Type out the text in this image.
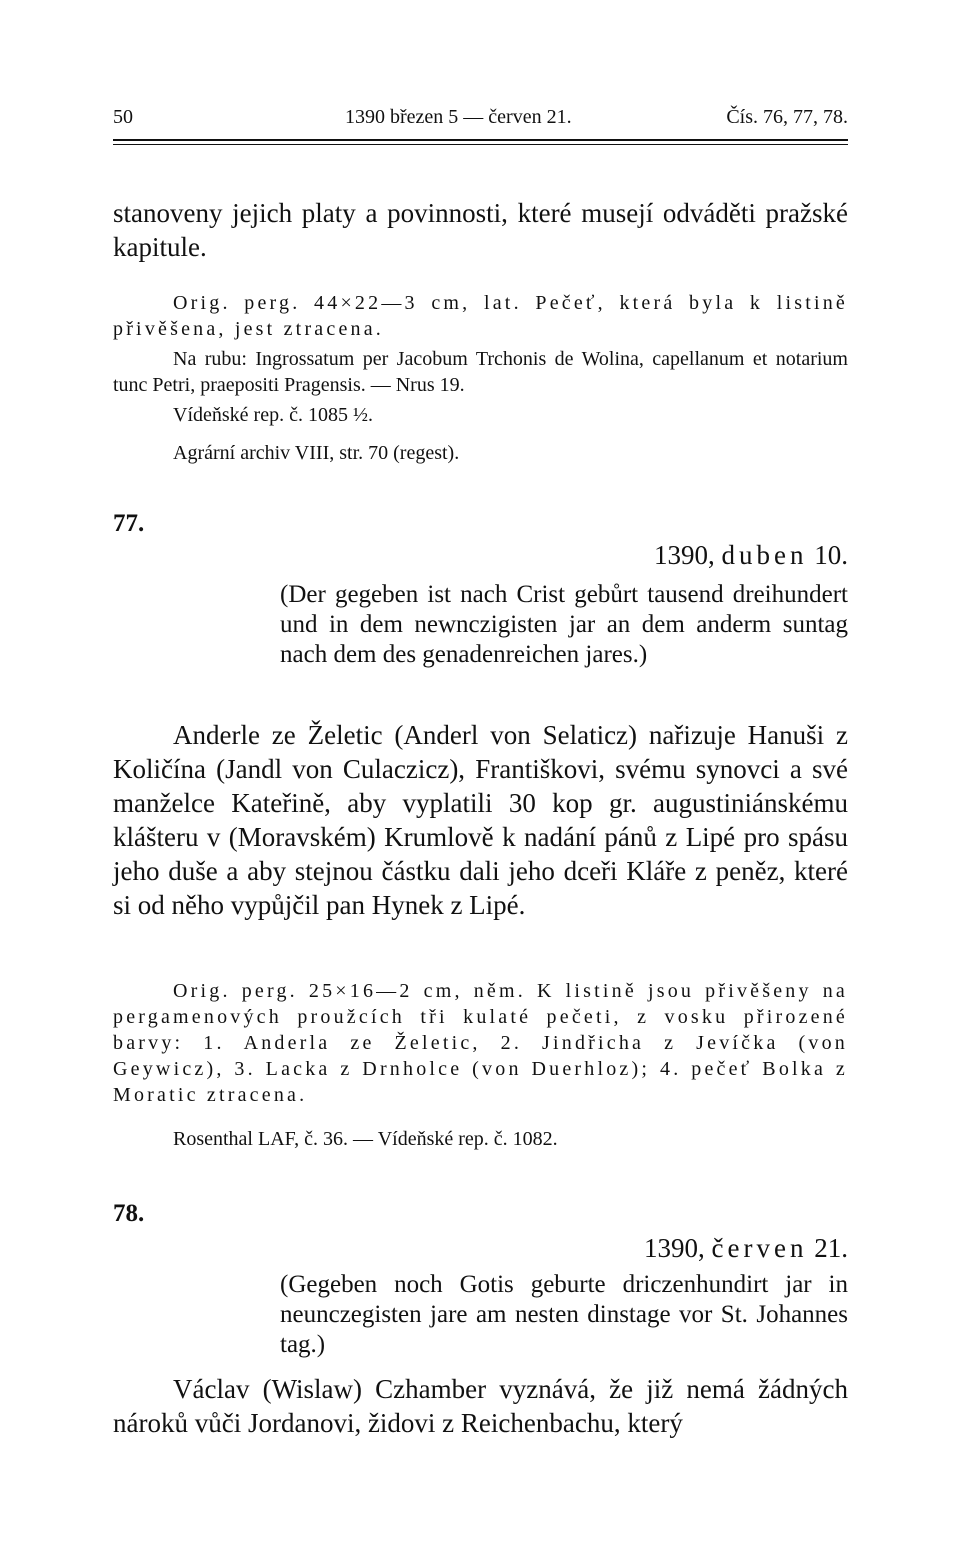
50	1390 březen 5 — červen 21.	Čís. 76, 77, 78.

stanoveny jejich platy a povinnosti, které musejí odváděti pražské kapitule.

Orig. perg. 44×22—3 cm, lat. Pečeť, která byla k listině přivěšena, jest ztracena.

Na rubu: Ingrossatum per Jacobum Trchonis de Wolina, capellanum et notarium tunc Petri, praepositi Pragensis. — Nrus 19.

Vídeňské rep. č. 1085 ½.

Agrární archiv VIII, str. 70 (regest).

77.
1390, duben 10.

(Der gegeben ist nach Crist gebůrt tausend dreihundert und in dem newnczigisten jar an dem anderm suntag nach dem des genadenreichen jares.)

Anderle ze Želetic (Anderl von Selaticz) nařizuje Hanuši z Količína (Jandl von Culaczicz), Františkovi, svému synovci a své manželce Kateřině, aby vyplatili 30 kop gr. augustiniánskému klášteru v (Moravském) Krumlově k nadání pánů z Lipé pro spásu jeho duše a aby stejnou částku dali jeho dceři Kláře z peněz, které si od něho vypůjčil pan Hynek z Lipé.

Orig. perg. 25×16—2 cm, něm. K listině jsou přivěšeny na pergamenových proužcích tři kulaté pečeti, z vosku přirozené barvy: 1. Anderla ze Želetic, 2. Jindřicha z Jevíčka (von Geywicz), 3. Lacka z Drnholce (von Duerhloz); 4. pečeť Bolka z Moratic ztracena.

Rosenthal LAF, č. 36. — Vídeňské rep. č. 1082.

78.
1390, červen 21.

(Gegeben noch Gotis geburte driczenhundirt jar in neunczegisten jare am nesten dinstage vor St. Johannes tag.)

Václav (Wislaw) Czhamber vyznává, že již nemá žádných nároků vůči Jordanovi, židovi z Reichenbachu, který
